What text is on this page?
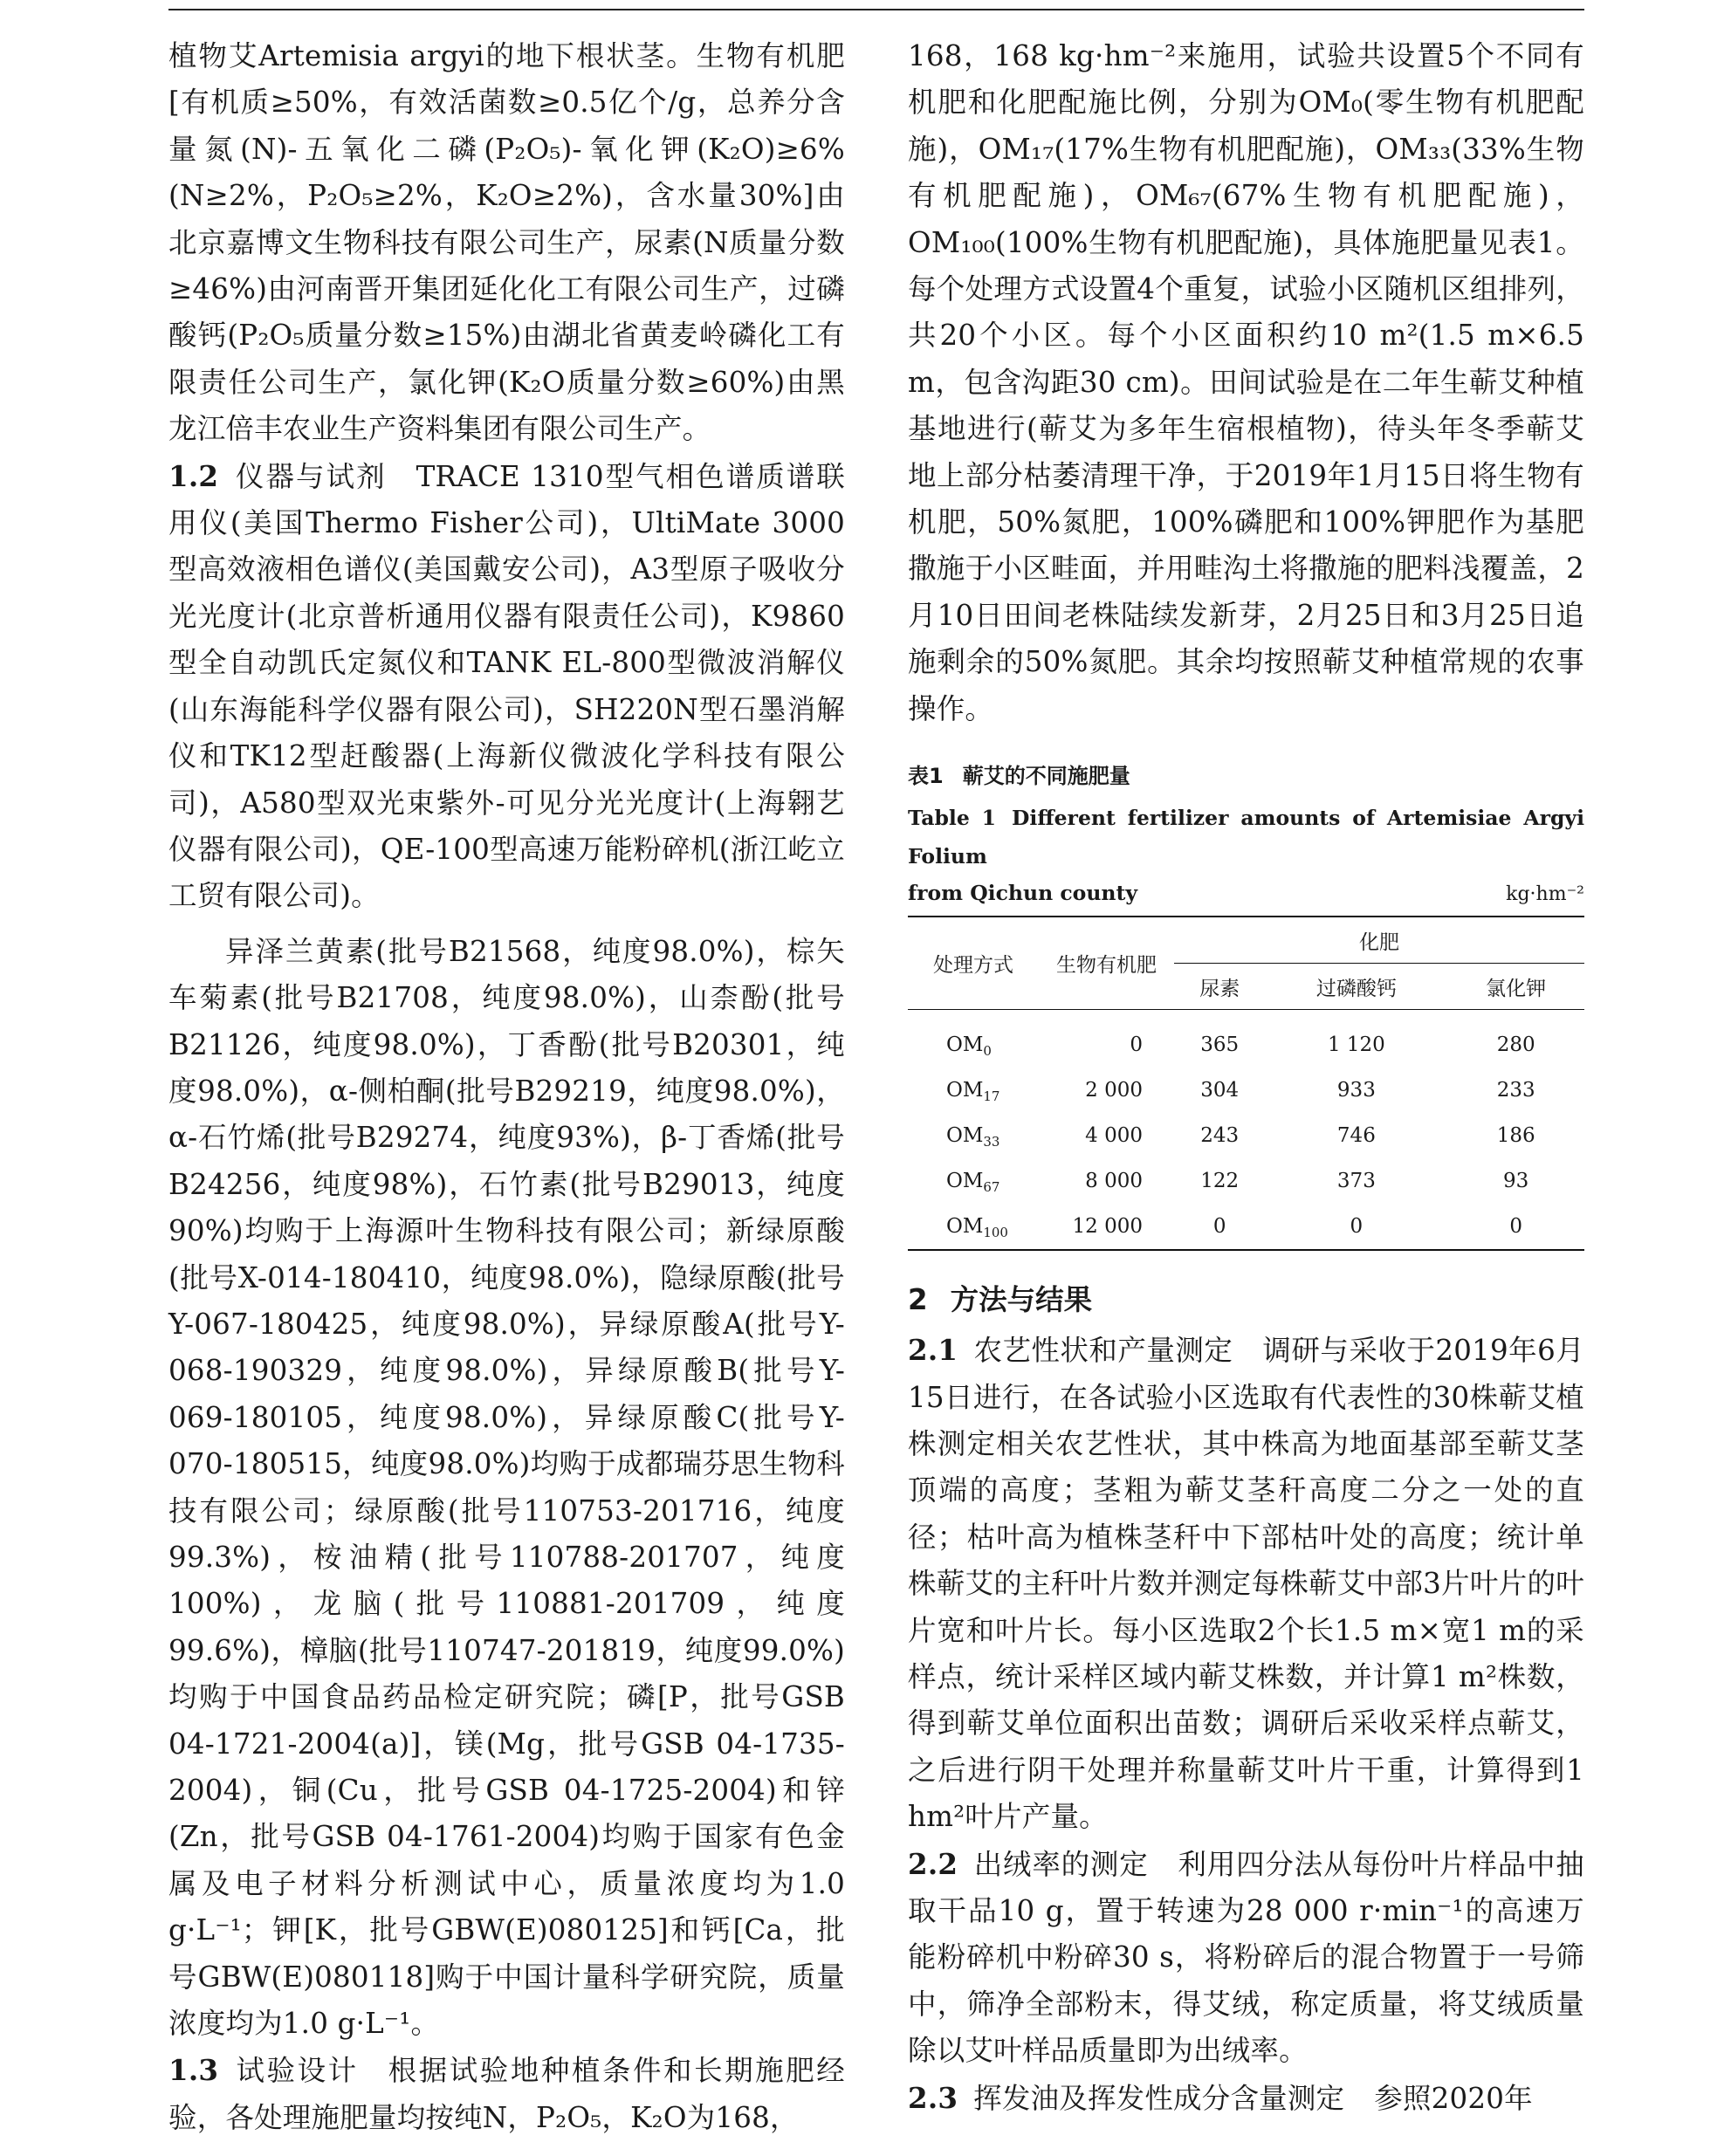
植物艾Artemisia argyi的地下根状茎。生物有机肥[有机质≥50%，有效活菌数≥0.5亿个/g，总养分含量氮(N)-五氧化二磷(P₂O₅)-氧化钾(K₂O)≥6%(N≥2%，P₂O₅≥2%，K₂O≥2%)，含水量30%]由北京嘉博文生物科技有限公司生产，尿素(N质量分数≥46%)由河南晋开集团延化化工有限公司生产，过磷酸钙(P₂O₅质量分数≥15%)由湖北省黄麦岭磷化工有限责任公司生产，氯化钾(K₂O质量分数≥60%)由黑龙江倍丰农业生产资料集团有限公司生产。

1.2 仪器与试剂 TRACE 1310型气相色谱质谱联用仪(美国Thermo Fisher公司)，UltiMate 3000型高效液相色谱仪(美国戴安公司)，A3型原子吸收分光光度计(北京普析通用仪器有限责任公司)，K9860型全自动凯氏定氮仪和TANK EL-800型微波消解仪(山东海能科学仪器有限公司)，SH220N型石墨消解仪和TK12型赶酸器(上海新仪微波化学科技有限公司)，A580型双光束紫外-可见分光光度计(上海翱艺仪器有限公司)，QE-100型高速万能粉碎机(浙江屹立工贸有限公司)。

异泽兰黄素(批号B21568，纯度98.0%)，棕矢车菊素(批号B21708，纯度98.0%)，山柰酚(批号B21126，纯度98.0%)，丁香酚(批号B20301，纯度98.0%)，α-侧柏酮(批号B29219，纯度98.0%)，α-石竹烯(批号B29274，纯度93%)，β-丁香烯(批号B24256，纯度98%)，石竹素(批号B29013，纯度90%)均购于上海源叶生物科技有限公司；新绿原酸(批号X-014-180410，纯度98.0%)，隐绿原酸(批号Y-067-180425，纯度98.0%)，异绿原酸A(批号Y-068-190329，纯度98.0%)，异绿原酸B(批号Y-069-180105，纯度98.0%)，异绿原酸C(批号Y-070-180515，纯度98.0%)均购于成都瑞芬思生物科技有限公司；绿原酸(批号110753-201716，纯度99.3%)，桉油精(批号110788-201707，纯度100%)，龙脑(批号110881-201709，纯度99.6%)，樟脑(批号110747-201819，纯度99.0%)均购于中国食品药品检定研究院；磷[P，批号GSB 04-1721-2004(a)]，镁(Mg，批号GSB 04-1735-2004)，铜(Cu，批号GSB 04-1725-2004)和锌(Zn，批号GSB 04-1761-2004)均购于国家有色金属及电子材料分析测试中心，质量浓度均为1.0 g·L⁻¹；钾[K，批号GBW(E)080125]和钙[Ca，批号GBW(E)080118]购于中国计量科学研究院，质量浓度均为1.0 g·L⁻¹。

1.3 试验设计 根据试验地种植条件和长期施肥经验，各处理施肥量均按纯N，P₂O₅，K₂O为168，

168，168 kg·hm⁻²来施用，试验共设置5个不同有机肥和化肥配施比例，分别为OM₀(零生物有机肥配施)，OM₁₇(17%生物有机肥配施)，OM₃₃(33%生物有机肥配施)，OM₆₇(67%生物有机肥配施)，OM₁₀₀(100%生物有机肥配施)，具体施肥量见表1。每个处理方式设置4个重复，试验小区随机区组排列，共20个小区。每个小区面积约10 m²(1.5 m×6.5 m，包含沟距30 cm)。田间试验是在二年生蕲艾种植基地进行(蕲艾为多年生宿根植物)，待头年冬季蕲艾地上部分枯萎清理干净，于2019年1月15日将生物有机肥，50%氮肥，100%磷肥和100%钾肥作为基肥撒施于小区畦面，并用畦沟土将撒施的肥料浅覆盖，2月10日田间老株陆续发新芽，2月25日和3月25日追施剩余的50%氮肥。其余均按照蕲艾种植常规的农事操作。

表1 蕲艾的不同施肥量
Table 1 Different fertilizer amounts of Artemisiae Argyi Folium
from Qichun county	kg·hm⁻²
处理方式	生物有机肥	化肥		
		尿素	过磷酸钙	氯化钾
$OM_0$	0	365	1 120	280
$OM_{17}$	2 000	304	933	233
$OM_{33}$	4 000	243	746	186
$OM_{67}$	8 000	122	373	93
$OM_{100}$	12 000	0	0	0
2 方法与结果

2.1 农艺性状和产量测定 调研与采收于2019年6月15日进行，在各试验小区选取有代表性的30株蕲艾植株测定相关农艺性状，其中株高为地面基部至蕲艾茎顶端的高度；茎粗为蕲艾茎秆高度二分之一处的直径；枯叶高为植株茎秆中下部枯叶处的高度；统计单株蕲艾的主秆叶片数并测定每株蕲艾中部3片叶片的叶片宽和叶片长。每小区选取2个长1.5 m×宽1 m的采样点，统计采样区域内蕲艾株数，并计算1 m²株数，得到蕲艾单位面积出苗数；调研后采收采样点蕲艾，之后进行阴干处理并称量蕲艾叶片干重，计算得到1 hm²叶片产量。

2.2 出绒率的测定 利用四分法从每份叶片样品中抽取干品10 g，置于转速为28 000 r·min⁻¹的高速万能粉碎机中粉碎30 s，将粉碎后的混合物置于一号筛中，筛净全部粉末，得艾绒，称定质量，将艾绒质量除以艾叶样品质量即为出绒率。

2.3 挥发油及挥发性成分含量测定 参照2020年
